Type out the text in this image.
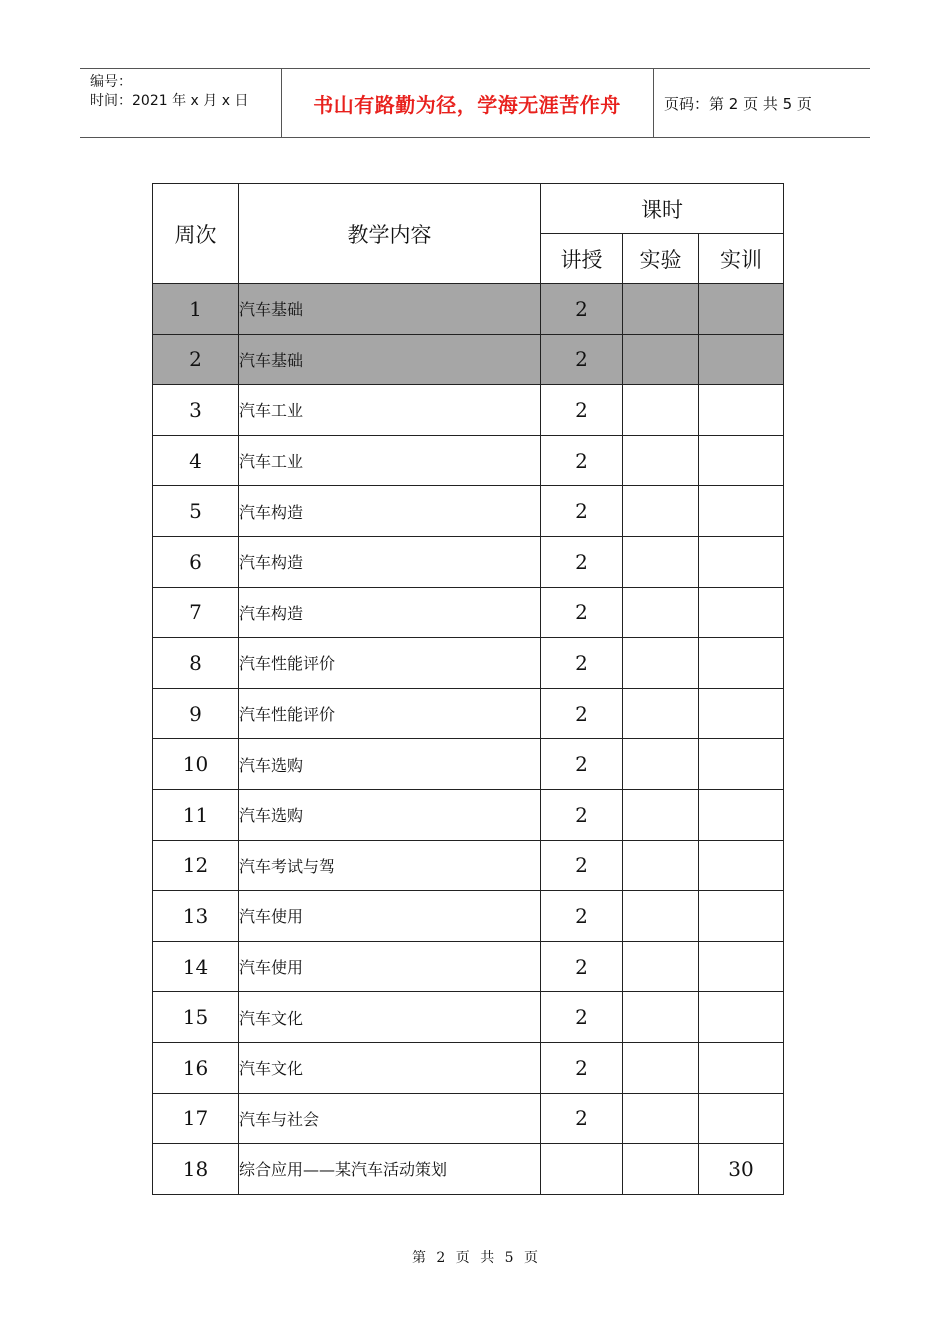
编号：
时间：2021 年 x 月 x 日	书山有路勤为径，学海无涯苦作舟	页码：第 2 页 共 5 页
周次	教学内容	课时		
		讲授	实验	实训
1	汽车基础	2		
2	汽车基础	2		
3	汽车工业	2		
4	汽车工业	2		
5	汽车构造	2		
6	汽车构造	2		
7	汽车构造	2		
8	汽车性能评价	2		
9	汽车性能评价	2		
10	汽车选购	2		
11	汽车选购	2		
12	汽车考试与驾	2		
13	汽车使用	2		
14	汽车使用	2		
15	汽车文化	2		
16	汽车文化	2		
17	汽车与社会	2		
18	综合应用——某汽车活动策划			30
第 2 页 共 5 页
